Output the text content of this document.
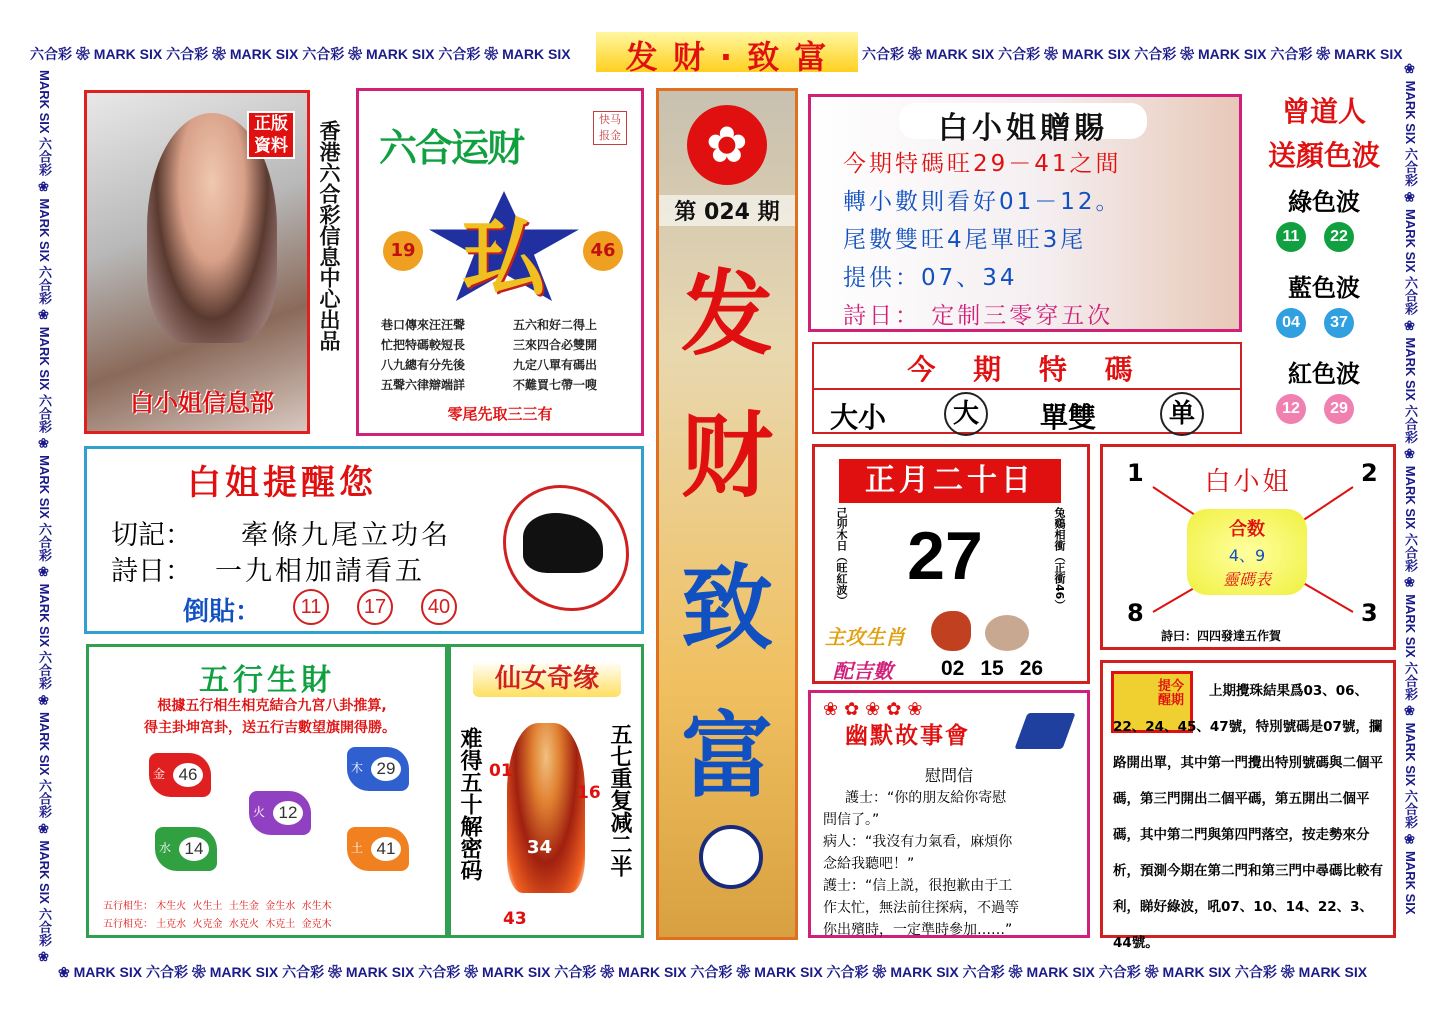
六合彩 ❀ MARK SIX 六合彩 ❀ MARK SIX 六合彩 ❀ MARK SIX 六合彩 ❀ MARK SIX	六合彩 ❀ MARK SIX 六合彩 ❀ MARK SIX 六合彩 ❀ MARK SIX 六合彩 ❀ MARK SIX
发 财 · 致 富
❀ MARK SIX 六合彩 ❀ MARK SIX 六合彩 ❀ MARK SIX 六合彩 ❀ MARK SIX 六合彩 ❀ MARK SIX 六合彩 ❀ MARK SIX 六合彩 ❀ MARK SIX 六合彩 ❀ MARK SIX 六合彩 ❀ MARK SIX 六合彩 ❀ MARK SIX
MARK SIX 六合彩 ❀ MARK SIX 六合彩 ❀ MARK SIX 六合彩 ❀ MARK SIX 六合彩 ❀ MARK SIX 六合彩 ❀ MARK SIX 六合彩 ❀ MARK SIX 六合彩 ❀	❀ MARK SIX 六合彩 ❀ MARK SIX 六合彩 ❀ MARK SIX 六合彩 ❀ MARK SIX 六合彩 ❀ MARK SIX 六合彩 ❀ MARK SIX 六合彩 ❀ MARK SIX
正版資料
白小姐信息部
香港六合彩信息中心出品 六合运财
快马报金
㺨
19	46
巷口傳來汪汪聲
忙把特碼較短長
八九總有分先後
五聲六律辯端詳
五六和好二得上
三來四合必雙開
九定八單有碼出
不難買七帶一嗖
零尾先取三三有
✿
第 024 期
发
财
致
富
白小姐贈賜
今期特碼旺29－41之間
轉小數則看好01－12。
尾數雙旺4尾單旺3尾
提供：07、34
詩日： 定制三零穿五次
曾道人
送顏色波
綠色波
11 22
藍色波
04 37
紅色波
12 29
今 期 特 碼
大小	大	單雙	单
白姐提醒您
切記： 牽條九尾立功名
詩日： 一九相加請看五
倒貼：	11 17 40
正月二十日
己卯木日（旺紅波） 27	兔鷄相衝（正衝46）
主攻生肖
配吉數 02 15 26
1	2
8	3
白小姐
合数
4、9
靈碼表
詩曰：四四發達五作賀
五行生財
根據五行相生相克結合九宮八卦推算,
得主卦坤宮卦，送五行吉數望旗開得勝。
金 46	木 29
火 12
水 14	土 41
五行相生： 木生火  火生土  土生金  金生水  水生木
五行相克： 土克水  火克金  水克火  木克土  金克木
仙女奇缘
难得五十解密码	五七重复减二半
01
16
34
43
❀✿❀✿❀
幽默故事會
慰問信
護士：“你的朋友給你寄慰
問信了。”
病人：“我沒有力氣看，麻煩你
念給我聽吧！”
護士：“信上説，很抱歉由于工
作太忙，無法前往探病，不過等
你出殯時，一定準時參加……”
提今醒期
上期攪珠結果爲03、06、22、24、45、47號，特別號碼是07號，攔路開出單，其中第一門攪出特別號碼與二個平碼，第三門開出二個平碼，第五開出二個平碼，其中第二門與第四門落空，按走勢來分析，預測今期在第二門和第三門中尋碼比較有利，睇好綠波，吼07、10、14、22、3、44號。
